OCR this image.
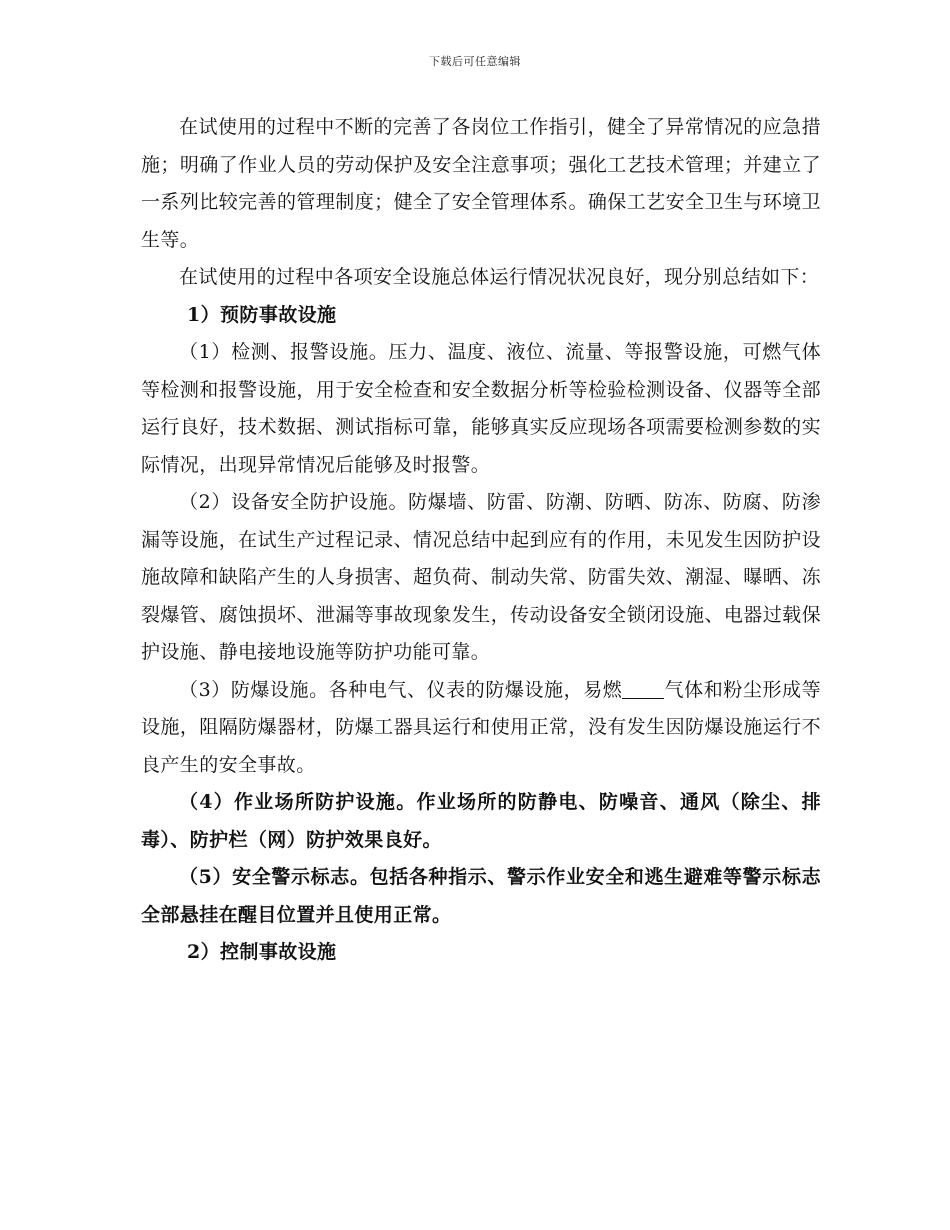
下载后可任意编辑

在试使用的过程中不断的完善了各岗位工作指引，健全了异常情况的应急措施；明确了作业人员的劳动保护及安全注意事项；强化工艺技术管理；并建立了一系列比较完善的管理制度；健全了安全管理体系。确保工艺安全卫生与环境卫生等。

在试使用的过程中各项安全设施总体运行情况状况良好，现分别总结如下：

1）预防事故设施

（1）检测、报警设施。压力、温度、液位、流量、等报警设施，可燃气体等检测和报警设施，用于安全检查和安全数据分析等检验检测设备、仪器等全部运行良好，技术数据、测试指标可靠，能够真实反应现场各项需要检测参数的实际情况，出现异常情况后能够及时报警。

（2）设备安全防护设施。防爆墙、防雷、防潮、防晒、防冻、防腐、防渗漏等设施，在试生产过程记录、情况总结中起到应有的作用，未见发生因防护设施故障和缺陷产生的人身损害、超负荷、制动失常、防雷失效、潮湿、曝晒、冻裂爆管、腐蚀损坏、泄漏等事故现象发生，传动设备安全锁闭设施、电器过载保护设施、静电接地设施等防护功能可靠。

（3）防爆设施。各种电气、仪表的防爆设施，易燃 气体和粉尘形成等设施，阻隔防爆器材，防爆工器具运行和使用正常，没有发生因防爆设施运行不良产生的安全事故。

（4）作业场所防护设施。作业场所的防静电、防噪音、通风（除尘、排毒）、防护栏（网）防护效果良好。

（5）安全警示标志。包括各种指示、警示作业安全和逃生避难等警示标志全部悬挂在醒目位置并且使用正常。

2）控制事故设施
